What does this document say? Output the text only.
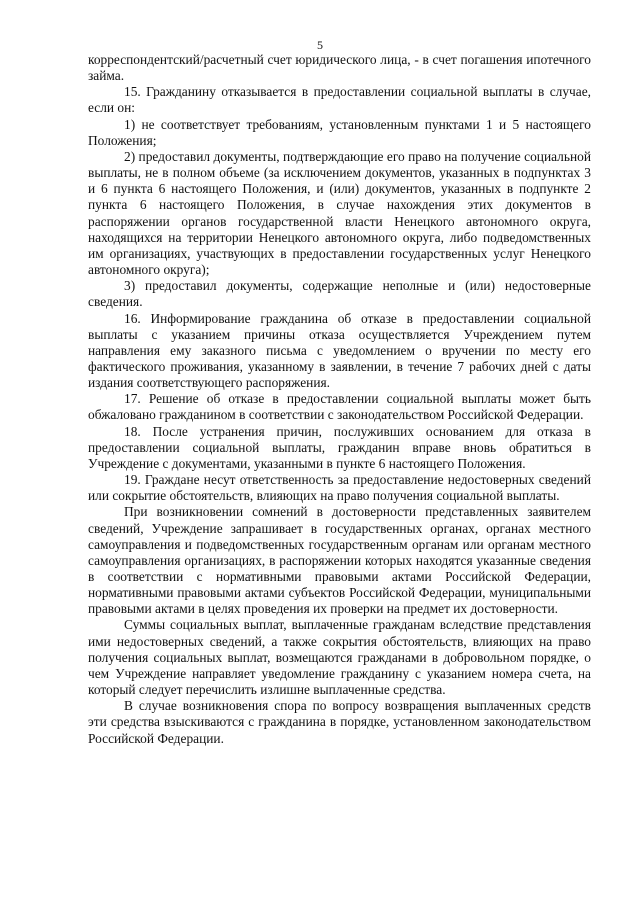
5

корреспондентский/расчетный счет юридического лица, - в счет погашения ипотечного займа.

15. Гражданину отказывается в предоставлении социальной выплаты в случае, если он:

1) не соответствует требованиям, установленным пунктами 1 и 5 настоящего Положения;

2) предоставил документы, подтверждающие его право на получение социальной выплаты, не в полном объеме (за исключением документов, указанных в подпунктах 3 и 6 пункта 6 настоящего Положения, и (или) документов, указанных в подпункте 2 пункта 6 настоящего Положения, в случае нахождения этих документов в распоряжении органов государственной власти Ненецкого автономного округа, находящихся на территории Ненецкого автономного округа, либо подведомственных им организациях, участвующих в предоставлении государственных услуг Ненецкого автономного округа);

3) предоставил документы, содержащие неполные и (или) недостоверные сведения.

16. Информирование гражданина об отказе в предоставлении социальной выплаты с указанием причины отказа осуществляется Учреждением путем направления ему заказного письма с уведомлением о вручении по месту его фактического проживания, указанному в заявлении, в течение 7 рабочих дней с даты издания соответствующего распоряжения.

17. Решение об отказе в предоставлении социальной выплаты может быть обжаловано гражданином в соответствии с законодательством Российской Федерации.

18. После устранения причин, послуживших основанием для отказа в предоставлении социальной выплаты, гражданин вправе вновь обратиться в Учреждение с документами, указанными в пункте 6 настоящего Положения.

19. Граждане несут ответственность за предоставление недостоверных сведений или сокрытие обстоятельств, влияющих на право получения социальной выплаты.

При возникновении сомнений в достоверности представленных заявителем сведений, Учреждение запрашивает в государственных органах, органах местного самоуправления и подведомственных государственным органам или органам местного самоуправления организациях, в распоряжении которых находятся указанные сведения в соответствии с нормативными правовыми актами Российской Федерации, нормативными правовыми актами субъектов Российской Федерации, муниципальными правовыми актами в целях проведения их проверки на предмет их достоверности.

Суммы социальных выплат, выплаченные гражданам вследствие представления ими недостоверных сведений, а также сокрытия обстоятельств, влияющих на право получения социальных выплат, возмещаются гражданами в добровольном порядке, о чем Учреждение направляет уведомление гражданину с указанием номера счета, на который следует перечислить излишне выплаченные средства.

В случае возникновения спора по вопросу возвращения выплаченных средств эти средства взыскиваются с гражданина в порядке, установленном законодательством Российской Федерации.
